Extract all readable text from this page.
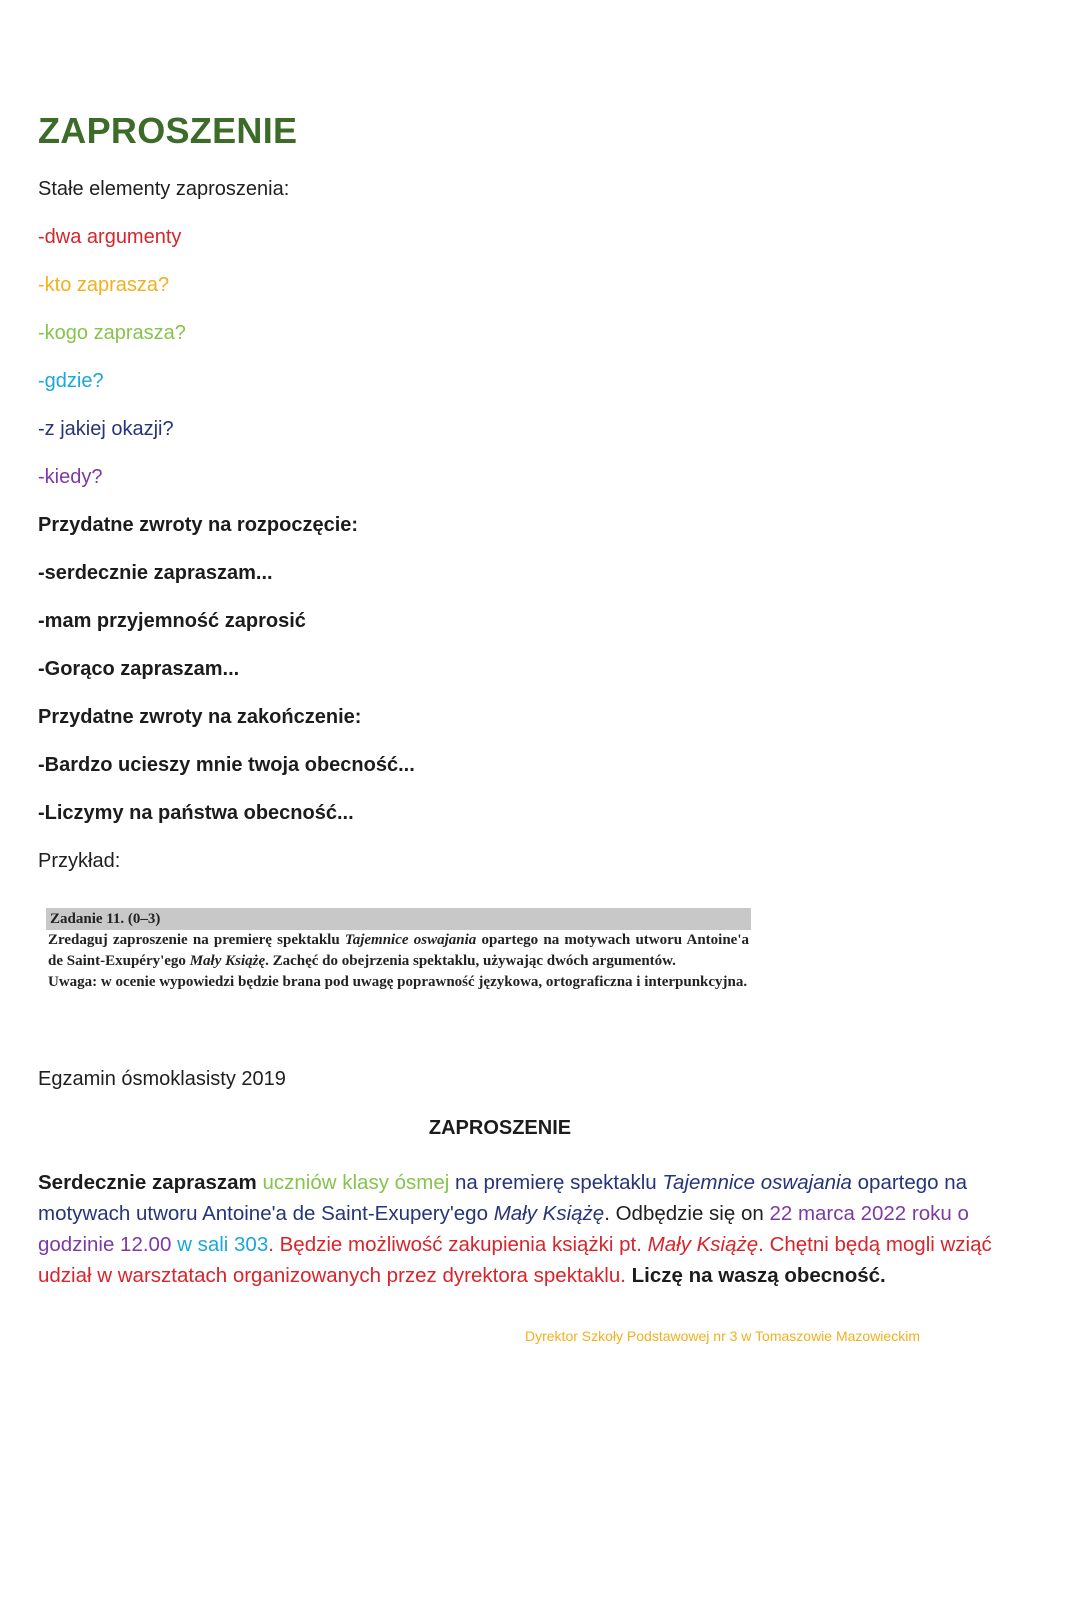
ZAPROSZENIE
Stałe elementy zaproszenia:
-dwa argumenty
-kto zaprasza?
-kogo zaprasza?
-gdzie?
-z jakiej okazji?
-kiedy?
Przydatne zwroty na rozpoczęcie:
-serdecznie zapraszam...
-mam przyjemność zaprosić
-Gorąco zapraszam...
Przydatne zwroty na zakończenie:
-Bardzo ucieszy mnie twoja obecność...
-Liczymy na państwa obecność...
Przykład:
Zadanie 11. (0–3)
Zredaguj zaproszenie na premierę spektaklu Tajemnice oswajania opartego na motywach utworu Antoine'a de Saint-Exupéry'ego Mały Książę. Zachęć do obejrzenia spektaklu, używając dwóch argumentów.
Uwaga: w ocenie wypowiedzi będzie brana pod uwagę poprawność językowa, ortograficzna i interpunkcyjna.
Egzamin ósmoklasisty 2019
ZAPROSZENIE
Serdecznie zapraszam uczniów klasy ósmej na premierę spektaklu Tajemnice oswajania opartego na motywach utworu Antoine'a de Saint-Exupery'ego Mały Książę. Odbędzie się on 22 marca 2022 roku o godzinie 12.00 w sali 303. Będzie możliwość zakupienia książki pt. Mały Książę. Chętni będą mogli wziąć udział w warsztatach organizowanych przez dyrektora spektaklu. Liczę na waszą obecność.
Dyrektor Szkoły Podstawowej nr 3 w Tomaszowie Mazowieckim
